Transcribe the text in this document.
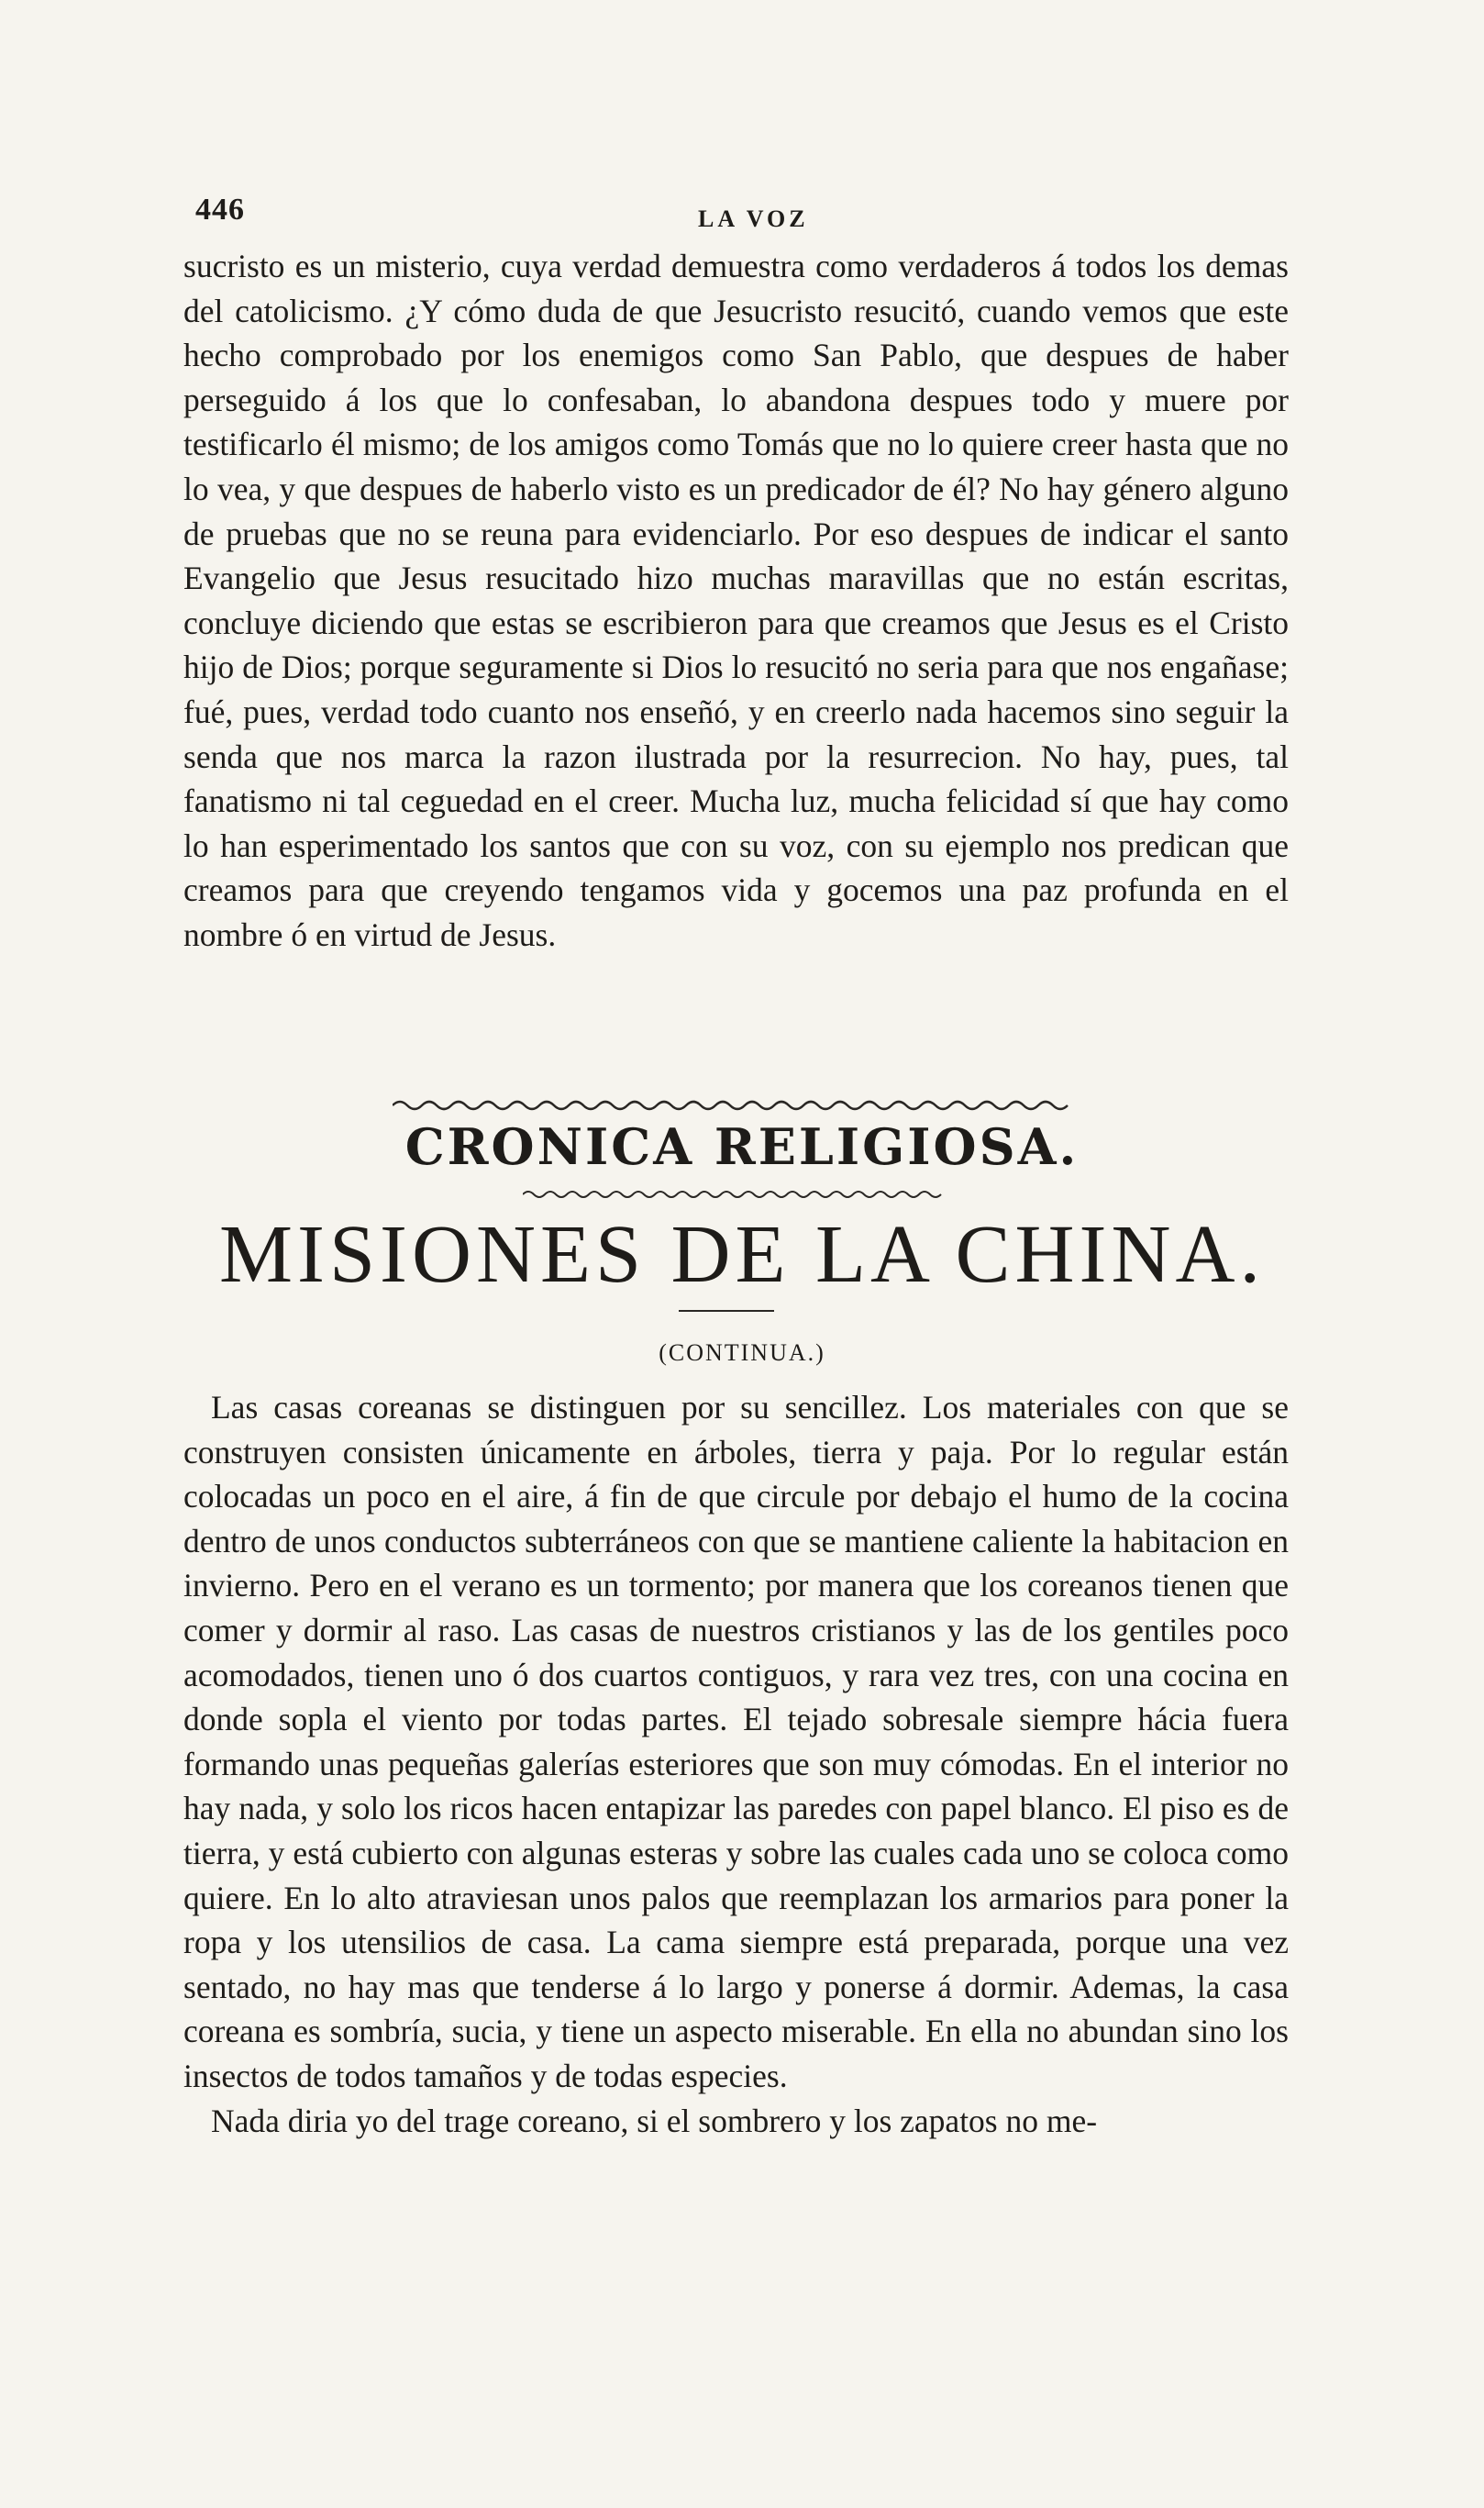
446	LA VOZ

sucristo es un misterio, cuya verdad demuestra como verdaderos á todos los demas del catolicismo. ¿Y cómo duda de que Jesucristo resucitó, cuando vemos que este hecho comprobado por los enemigos como San Pablo, que despues de haber perseguido á los que lo confesaban, lo abandona despues todo y muere por testificarlo él mismo; de los amigos como Tomás que no lo quiere creer hasta que no lo vea, y que despues de haberlo visto es un predicador de él? No hay género alguno de pruebas que no se reuna para evidenciarlo. Por eso despues de indicar el santo Evangelio que Jesus resucitado hizo muchas maravillas que no están escritas, concluye diciendo que estas se escribieron para que creamos que Jesus es el Cristo hijo de Dios; porque seguramente si Dios lo resucitó no seria para que nos engañase; fué, pues, verdad todo cuanto nos enseñó, y en creerlo nada hacemos sino seguir la senda que nos marca la razon ilustrada por la resurrecion. No hay, pues, tal fanatismo ni tal ceguedad en el creer. Mucha luz, mucha felicidad sí que hay como lo han esperimentado los santos que con su voz, con su ejemplo nos predican que creamos para que creyendo tengamos vida y gocemos una paz profunda en el nombre ó en virtud de Jesus.

CRONICA RELIGIOSA.
MISIONES DE LA CHINA.
(CONTINUA.)

Las casas coreanas se distinguen por su sencillez. Los materiales con que se construyen consisten únicamente en árboles, tierra y paja. Por lo regular están colocadas un poco en el aire, á fin de que circule por debajo el humo de la cocina dentro de unos conductos subterráneos con que se mantiene caliente la habitacion en invierno. Pero en el verano es un tormento; por manera que los coreanos tienen que comer y dormir al raso. Las casas de nuestros cristianos y las de los gentiles poco acomodados, tienen uno ó dos cuartos contiguos, y rara vez tres, con una cocina en donde sopla el viento por todas partes. El tejado sobresale siempre hácia fuera formando unas pequeñas galerías esteriores que son muy cómodas. En el interior no hay nada, y solo los ricos hacen entapizar las paredes con papel blanco. El piso es de tierra, y está cubierto con algunas esteras y sobre las cuales cada uno se coloca como quiere. En lo alto atraviesan unos palos que reemplazan los armarios para poner la ropa y los utensilios de casa. La cama siempre está preparada, porque una vez sentado, no hay mas que tenderse á lo largo y ponerse á dormir. Ademas, la casa coreana es sombría, sucia, y tiene un aspecto miserable. En ella no abundan sino los insectos de todos tamaños y de todas especies.

Nada diria yo del trage coreano, si el sombrero y los zapatos no me-
